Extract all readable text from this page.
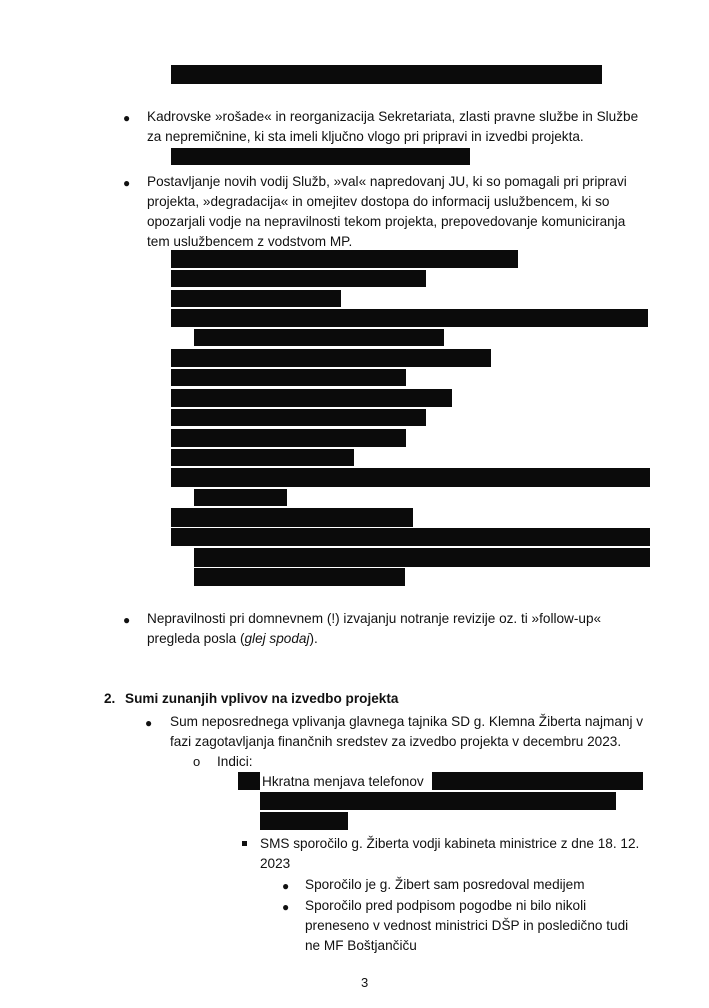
● Kadrovske »rošade« in reorganizacija Sekretariata, zlasti pravne službe in Službe
za nepremičnine, ki sta imeli ključno vlogo pri pripravi in izvedbi projekta.
● Postavljanje novih vodij Služb, »val« napredovanj JU, ki so pomagali pri pripravi
projekta, »degradacija« in omejitev dostopa do informacij uslužbencem, ki so
opozarjali vodje na nepravilnosti tekom projekta, prepovedovanje komuniciranja
tem uslužbencem z vodstvom MP.
● Nepravilnosti pri domnevnem (!) izvajanju notranje revizije oz. ti »follow-up«
pregleda posla (glej spodaj).
2. Sumi zunanjih vplivov na izvedbo projekta
● Sum neposrednega vplivanja glavnega tajnika SD g. Klemna Žiberta najmanj v
fazi zagotavljanja finančnih sredstev za izvedbo projekta v decembru 2023.
o Indici:
Hkratna menjava telefonov
SMS sporočilo g. Žiberta vodji kabineta ministrice z dne 18. 12.
2023
● Sporočilo je g. Žibert sam posredoval medijem
● Sporočilo pred podpisom pogodbe ni bilo nikoli
preneseno v vednost ministrici DŠP in posledično tudi
ne MF Boštjančiču
3
